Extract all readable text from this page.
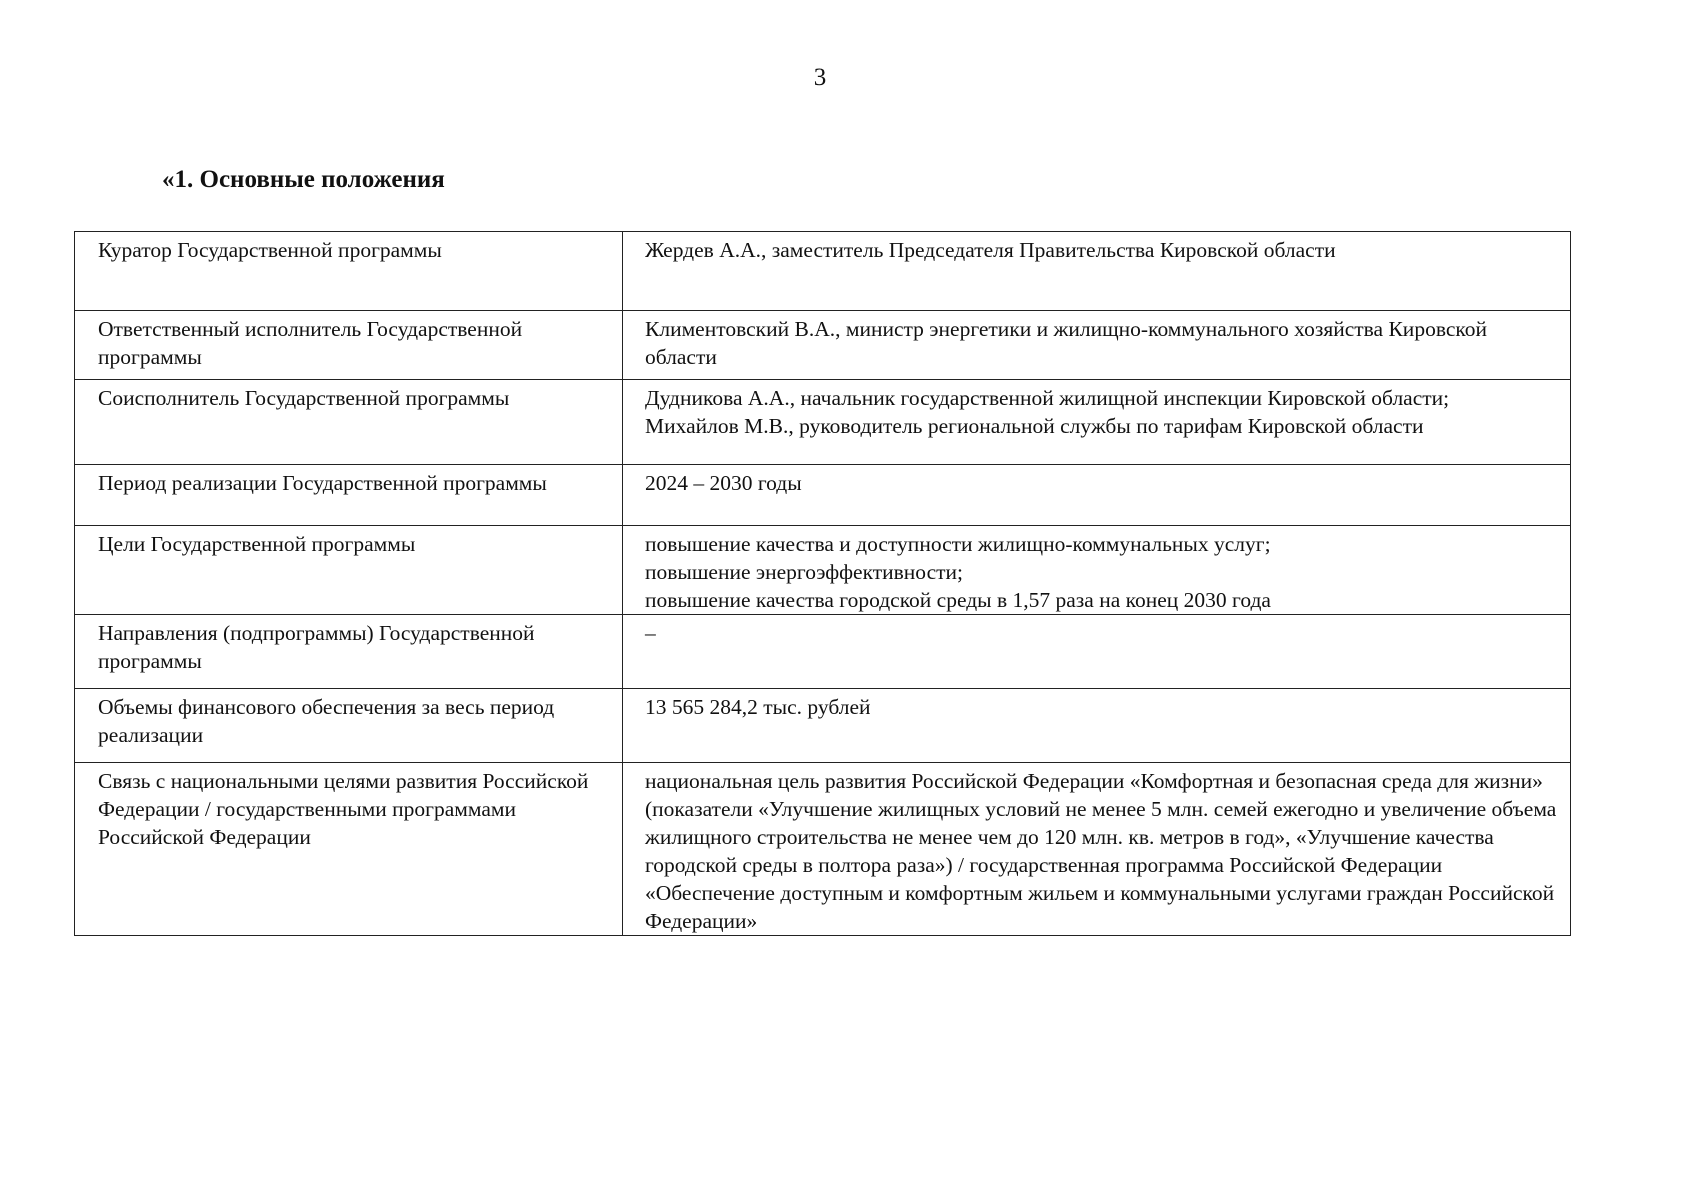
3
«1. Основные положения
Куратор Государственной программы	Жердев А.А., заместитель Председателя Правительства Кировской области

Ответственный исполнитель Государственной программы	Климентовский В.А., министр энергетики и жилищно-коммунального хозяйства Кировской области

Соисполнитель Государственной программы	Дудникова А.А., начальник государственной жилищной инспекции Кировской области;
Михайлов М.В., руководитель региональной службы по тарифам Кировской области

Период реализации Государственной программы	2024 – 2030 годы

Цели Государственной программы	повышение качества и доступности жилищно-коммунальных услуг;
повышение энергоэффективности;
повышение качества городской среды в 1,57 раза на конец 2030 года

Направления (подпрограммы) Государственной программы	–

Объемы финансового обеспечения за весь период реализации	13 565 284,2 тыс. рублей

Связь с национальными целями развития Российской Федерации / государственными программами Российской Федерации	национальная цель развития Российской Федерации «Комфортная и безопасная среда для жизни» (показатели «Улучшение жилищных условий не менее 5 млн. семей ежегодно и увеличение объема жилищного строительства не менее чем до 120 млн. кв. метров в год», «Улучшение качества городской среды в полтора раза») / государственная программа Российской Федерации «Обеспечение доступным и комфортным жильем и коммунальными услугами граждан Российской Федерации»
